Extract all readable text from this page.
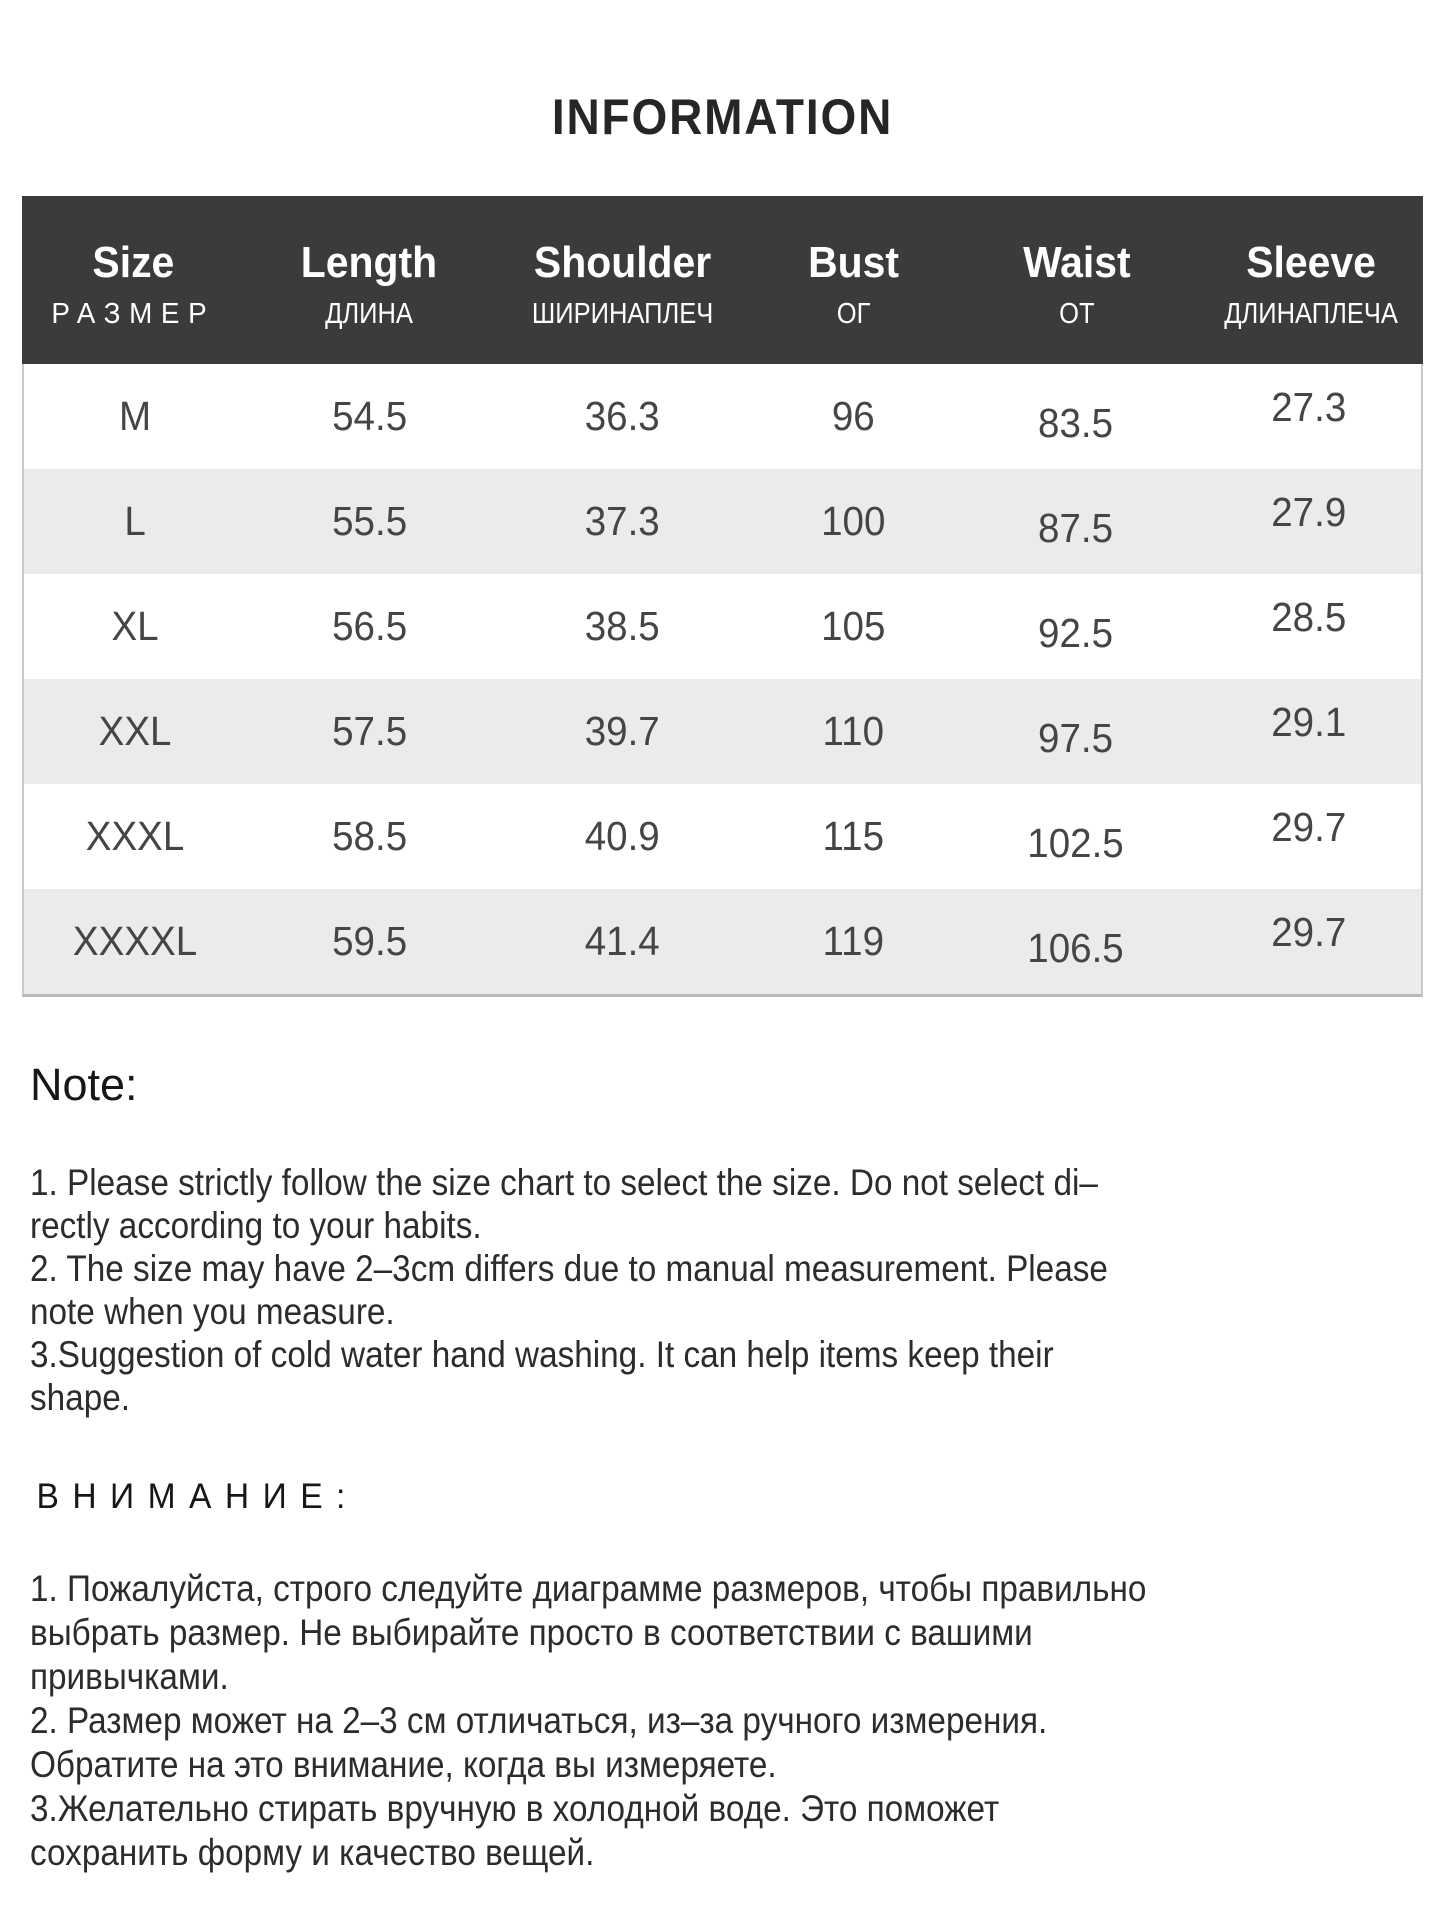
INFORMATION
Size	Length	Shoulder	Bust	Waist	Sleeve
РАЗМЕР	ДЛИНА	ШИРИНАПЛЕЧ	ОГ	ОТ	ДЛИНАПЛЕЧА
M	54.5	36.3	96	83.5	27.3
L	55.5	37.3	100	87.5	27.9
XL	56.5	38.5	105	92.5	28.5
XXL	57.5	39.7	110	97.5	29.1
XXXL	58.5	40.9	115	102.5	29.7
XXXXL	59.5	41.4	119	106.5	29.7
Note:
1. Please strictly follow the size chart to select the size. Do not select di–
rectly according to your habits.
2. The size may have 2–3cm differs due to manual measurement. Please
note when you measure.
3.Suggestion of cold water hand washing. It can help items keep their
shape.
ВНИМАНИЕ:
1. Пожалуйста, строго следуйте диаграмме размеров, чтобы правильно
выбрать размер. Не выбирайте просто в соответствии с вашими
привычками.
2. Размер может на 2–3 см отличаться, из–за ручного измерения.
Обратите на это внимание, когда вы измеряете.
3.Желательно стирать вручную в холодной воде. Это поможет
сохранить форму и качество вещей.
